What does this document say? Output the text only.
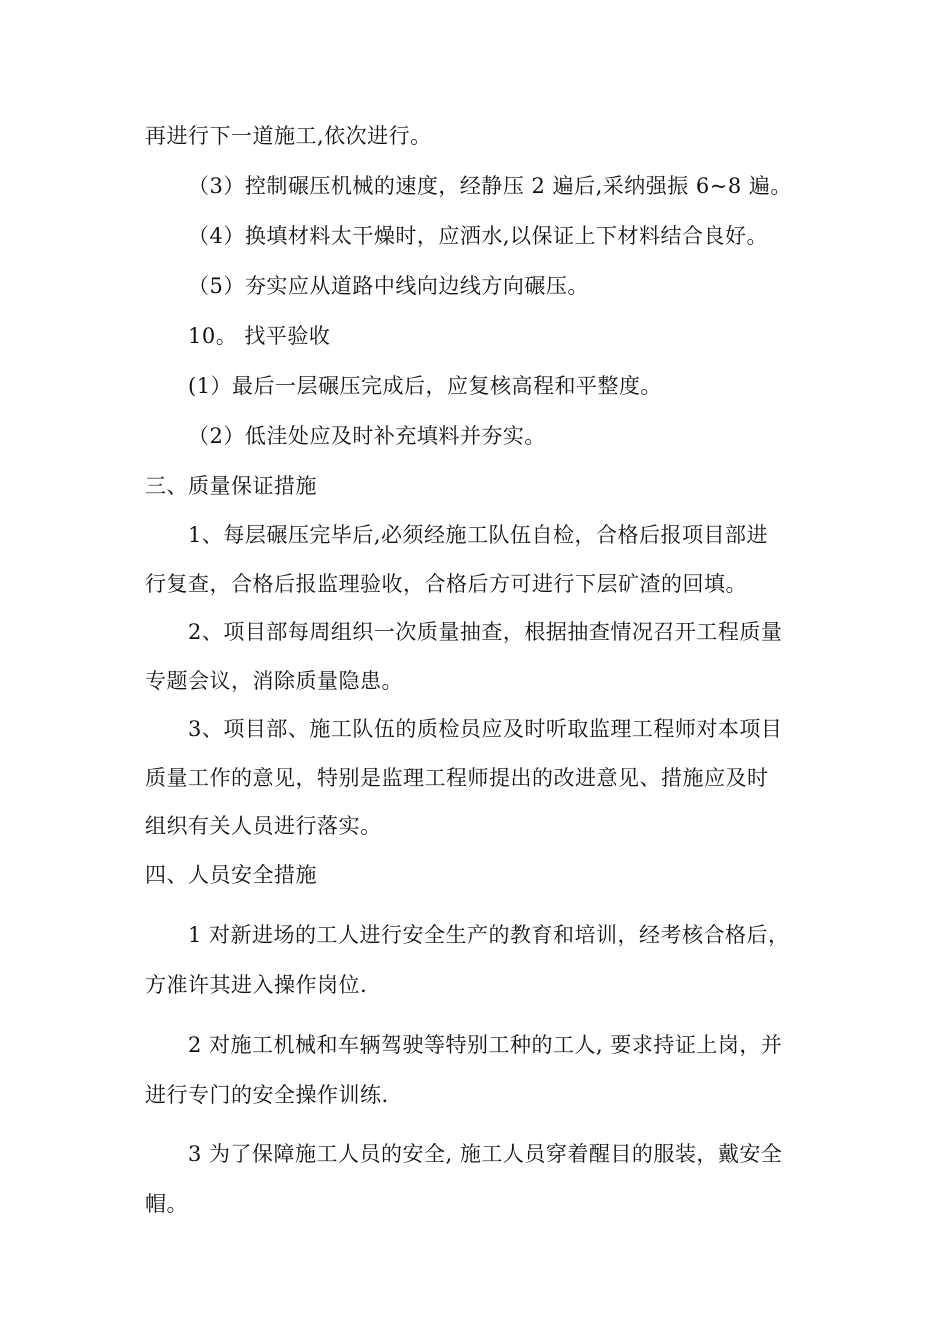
再进行下一道施工,依次进行。
（3）控制碾压机械的速度，经静压 2 遍后,采纳强振 6~8 遍。
（4）换填材料太干燥时，应洒水,以保证上下材料结合良好。
（5）夯实应从道路中线向边线方向碾压。
10。 找平验收
(1）最后一层碾压完成后，应复核高程和平整度。
（2）低洼处应及时补充填料并夯实。
三、质量保证措施
1、每层碾压完毕后,必须经施工队伍自检，合格后报项目部进
行复查，合格后报监理验收，合格后方可进行下层矿渣的回填。
2、项目部每周组织一次质量抽查，根据抽查情况召开工程质量
专题会议，消除质量隐患。
3、项目部、施工队伍的质检员应及时听取监理工程师对本项目
质量工作的意见，特别是监理工程师提出的改进意见、措施应及时
组织有关人员进行落实。
四、人员安全措施
1 对新进场的工人进行安全生产的教育和培训，经考核合格后，
方准许其进入操作岗位.
2 对施工机械和车辆驾驶等特别工种的工人, 要求持证上岗，并
进行专门的安全操作训练.
3 为了保障施工人员的安全, 施工人员穿着醒目的服装，戴安全
帽。
